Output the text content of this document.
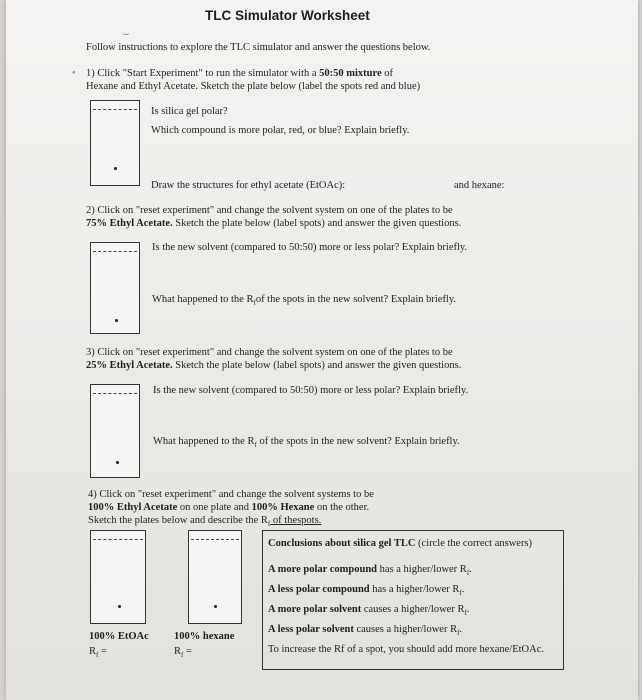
⌣
TLC Simulator Worksheet
Follow instructions to explore the TLC simulator and answer the questions below.
• 1) Click "Start Experiment" to run the simulator with a 50:50 mixture of
Hexane and Ethyl Acetate. Sketch the plate below (label the spots red and blue)
Is silica gel polar?
Which compound is more polar, red, or blue? Explain briefly.
Draw the structures for ethyl acetate (EtOAc):	and hexane:
2) Click on "reset experiment" and change the solvent system on one of the plates to be
75% Ethyl Acetate. Sketch the plate below (label spots) and answer the given questions.
Is the new solvent (compared to 50:50) more or less polar? Explain briefly.
What happened to the $R_fof$ the spots in the new solvent? Explain briefly.
3) Click on "reset experiment" and change the solvent system on one of the plates to be
25% Ethyl Acetate. Sketch the plate below (label spots) and answer the given questions.
Is the new solvent (compared to 50:50) more or less polar? Explain briefly.
What happened to the $R_f$ of the spots in the new solvent? Explain briefly.
4) Click on "reset experiment" and change the solvent systems to be
100% Ethyl Acetate on one plate and 100% Hexane on the other.
Sketch the plates below and describe the $R_f$ of thespots.
100% EtOAc
$R_f$ =
100% hexane
$R_f$ =
Conclusions about silica gel TLC (circle the correct answers)
A more polar compound has a higher/lower $R_f$.
A less polar compound has a higher/lower $R_f$.
A more polar solvent causes a higher/lower $R_f$.
A less polar solvent causes a higher/lower $R_f$.
To increase the Rf of a spot, you should add more hexane/EtOAc.
